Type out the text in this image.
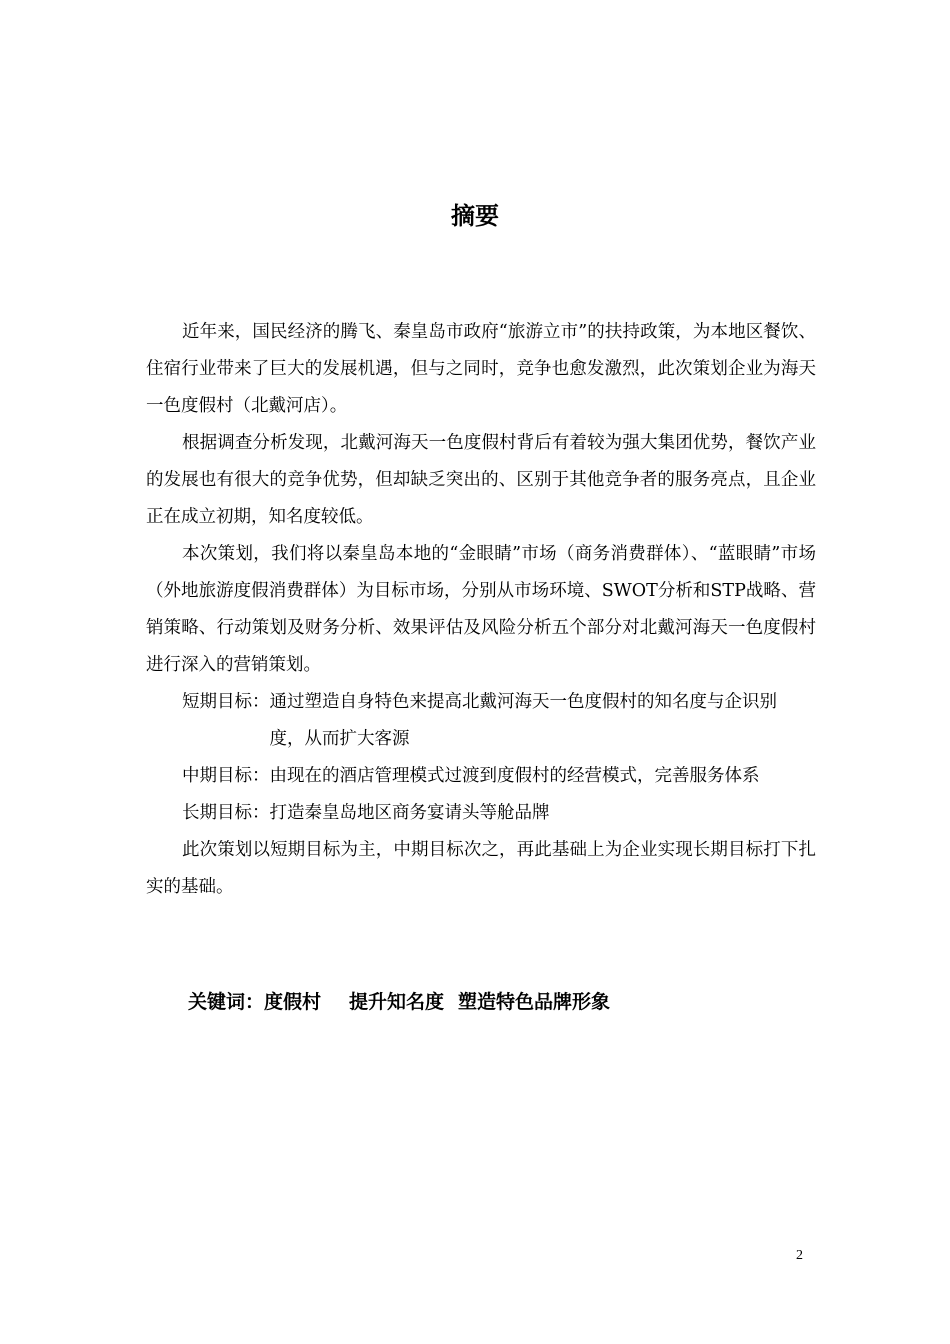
摘要

近年来，国民经济的腾飞、秦皇岛市政府“旅游立市”的扶持政策，为本地区餐饮、住宿行业带来了巨大的发展机遇，但与之同时，竞争也愈发激烈，此次策划企业为海天一色度假村（北戴河店）。

根据调查分析发现，北戴河海天一色度假村背后有着较为强大集团优势，餐饮产业的发展也有很大的竞争优势，但却缺乏突出的、区别于其他竞争者的服务亮点，且企业正在成立初期，知名度较低。

本次策划，我们将以秦皇岛本地的“金眼睛”市场（商务消费群体）、“蓝眼睛”市场（外地旅游度假消费群体）为目标市场，分别从市场环境、SWOT分析和STP战略、营销策略、行动策划及财务分析、效果评估及风险分析五个部分对北戴河海天一色度假村进行深入的营销策划。

短期目标： 通过塑造自身特色来提高北戴河海天一色度假村的知名度与企识别度，从而扩大客源

中期目标：由现在的酒店管理模式过渡到度假村的经营模式，完善服务体系

长期目标：打造秦皇岛地区商务宴请头等舱品牌

此次策划以短期目标为主，中期目标次之，再此基础上为企业实现长期目标打下扎实的基础。

关键词：度假村 提升知名度 塑造特色品牌形象
2
